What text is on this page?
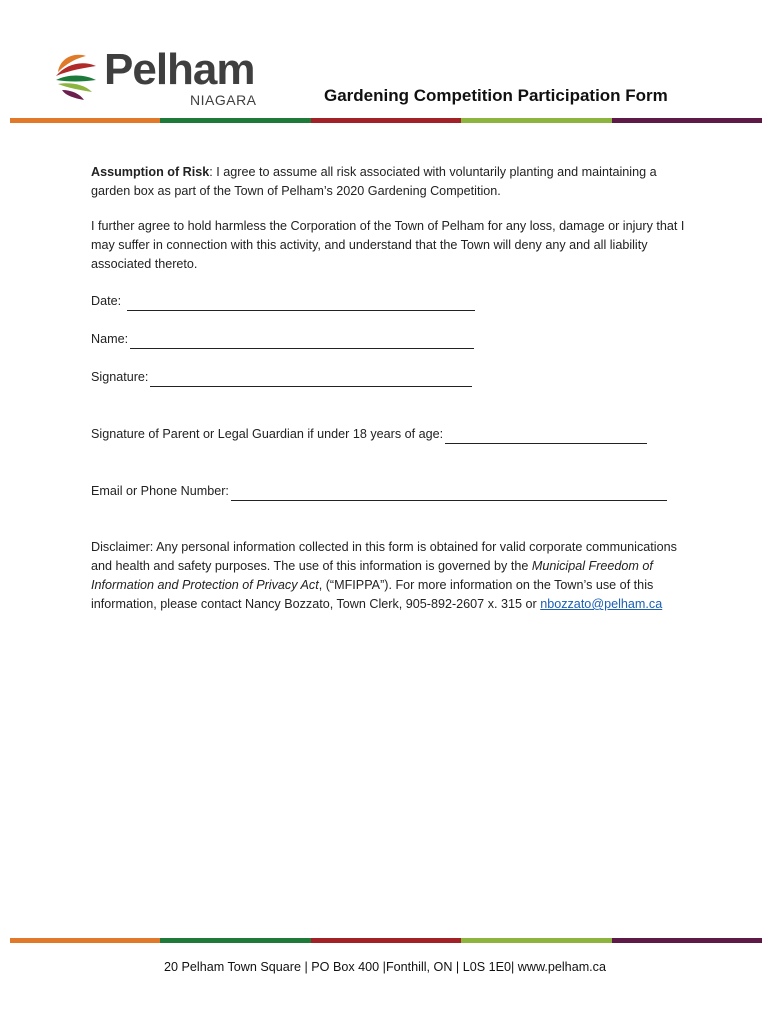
Pelham
NIAGARA	Gardening Competition Participation Form

Assumption of Risk: I agree to assume all risk associated with voluntarily planting and maintaining a garden box as part of the Town of Pelham’s 2020 Gardening Competition.

I further agree to hold harmless the Corporation of the Town of Pelham for any loss, damage or injury that I may suffer in connection with this activity, and understand that the Town will deny any and all liability associated thereto.

Date:
Name:
Signature:
Signature of Parent or Legal Guardian if under 18 years of age:
Email or Phone Number:

Disclaimer: Any personal information collected in this form is obtained for valid corporate communications and health and safety purposes. The use of this information is governed by the Municipal Freedom of Information and Protection of Privacy Act, (“MFIPPA”). For more information on the Town’s use of this information, please contact Nancy Bozzato, Town Clerk, 905-892-2607 x. 315 or nbozzato@pelham.ca

20 Pelham Town Square | PO Box 400 |Fonthill, ON | L0S 1E0| www.pelham.ca
